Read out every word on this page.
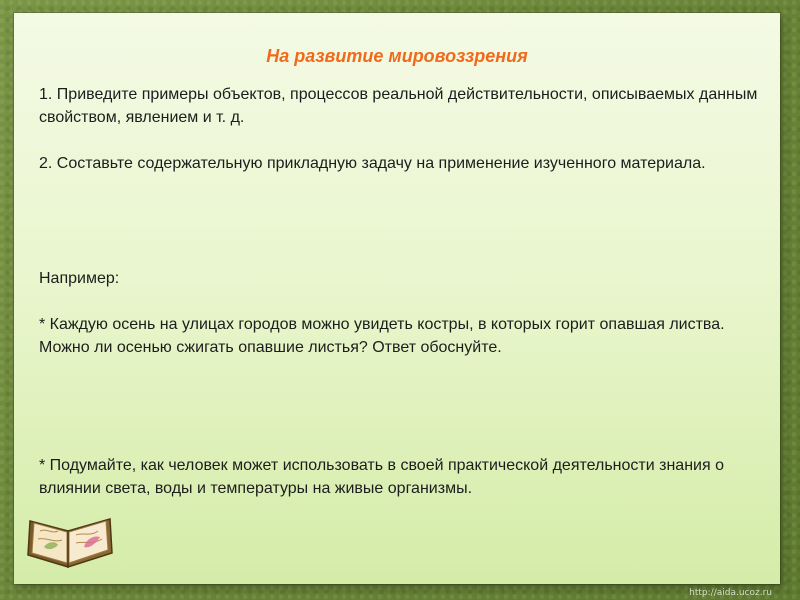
На развитие мировоззрения
1. Приведите примеры объектов, процессов реальной действительности, описываемых данным свойством, явлением и т. д.
2. Составьте содержательную прикладную задачу на применение изученного материала.
Например:
* Каждую осень на улицах городов можно увидеть костры, в которых горит опавшая листва. Можно ли осенью сжигать опавшие листья? Ответ обоснуйте.
* Подумайте, как человек может использовать в своей практической деятельности знания о влиянии света, воды и температуры на живые организмы.
http://aida.ucoz.ru
